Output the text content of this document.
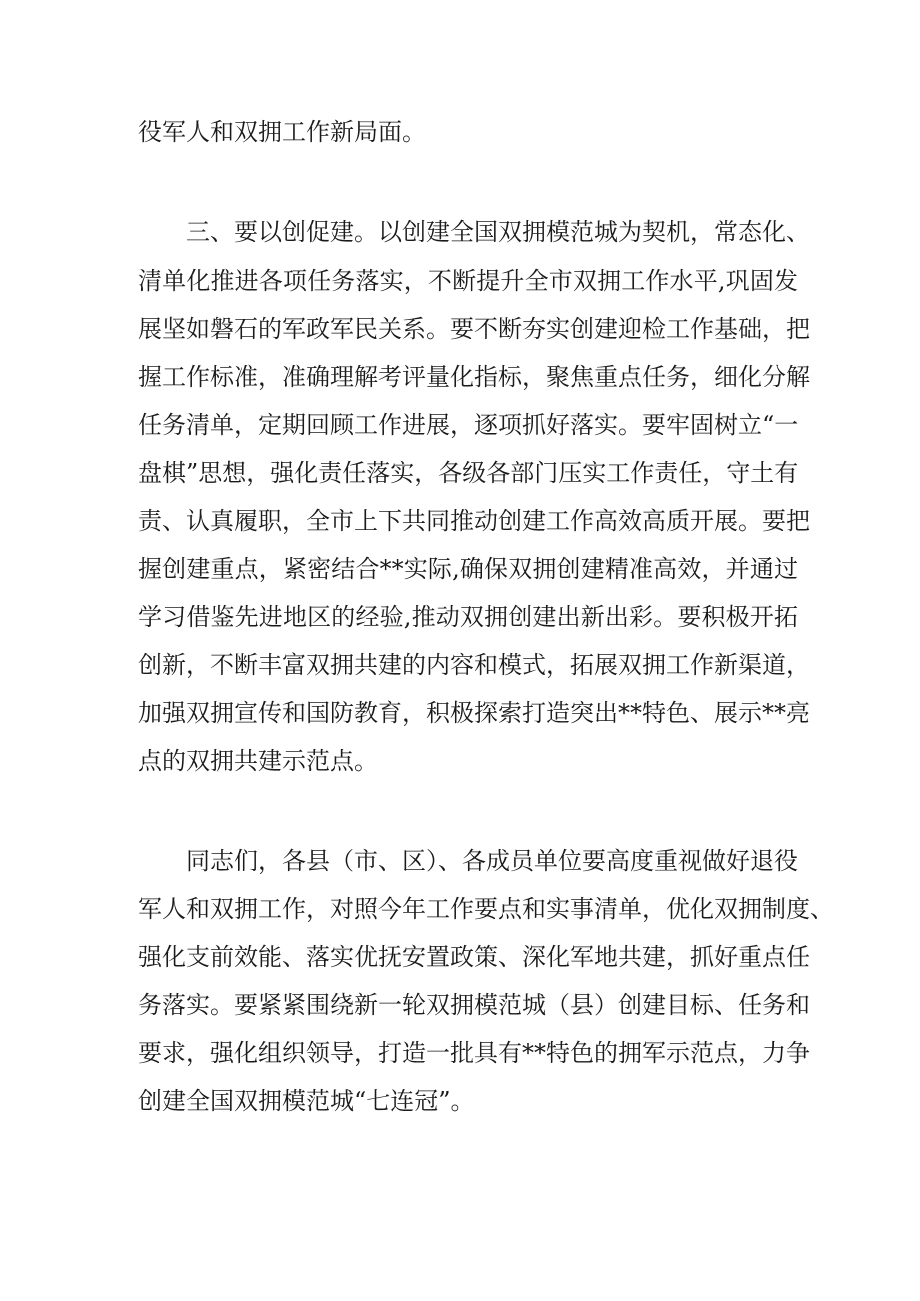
役军人和双拥工作新局面。
三、要以创促建。以创建全国双拥模范城为契机，常态化、
清单化推进各项任务落实，不断提升全市双拥工作水平,巩固发
展坚如磐石的军政军民关系。要不断夯实创建迎检工作基础，把
握工作标准，准确理解考评量化指标，聚焦重点任务，细化分解
任务清单，定期回顾工作进展，逐项抓好落实。要牢固树立“一
盘棋”思想，强化责任落实，各级各部门压实工作责任，守土有
责、认真履职，全市上下共同推动创建工作高效高质开展。要把
握创建重点，紧密结合**实际,确保双拥创建精准高效，并通过
学习借鉴先进地区的经验,推动双拥创建出新出彩。要积极开拓
创新，不断丰富双拥共建的内容和模式，拓展双拥工作新渠道，
加强双拥宣传和国防教育，积极探索打造突出**特色、展示**亮
点的双拥共建示范点。
同志们，各县（市、区）、各成员单位要高度重视做好退役
军人和双拥工作，对照今年工作要点和实事清单，优化双拥制度、
强化支前效能、落实优抚安置政策、深化军地共建，抓好重点任
务落实。要紧紧围绕新一轮双拥模范城（县）创建目标、任务和
要求，强化组织领导，打造一批具有**特色的拥军示范点，力争
创建全国双拥模范城“七连冠”。
